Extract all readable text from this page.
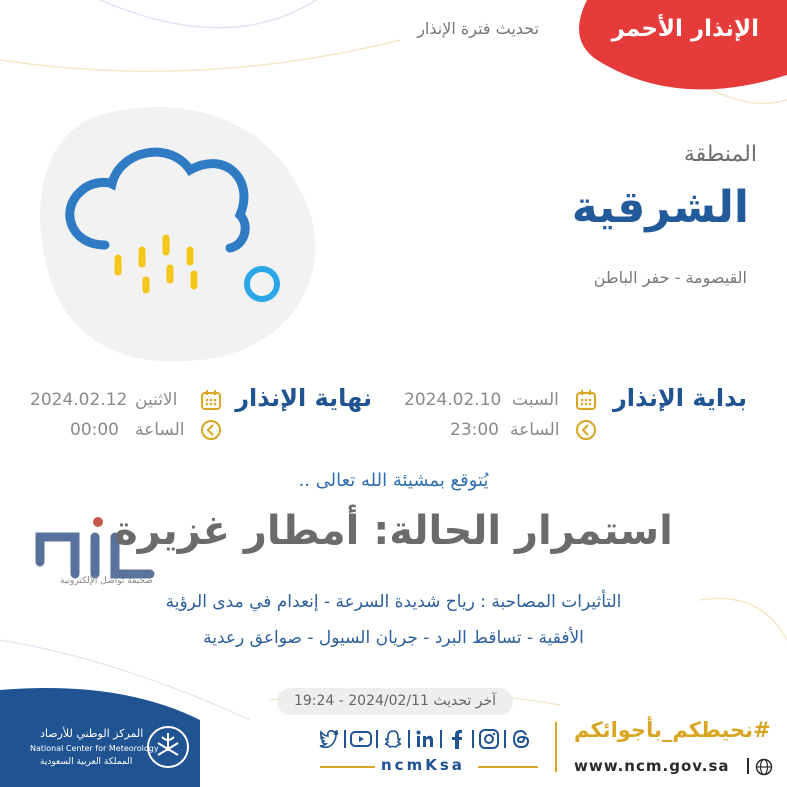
الإنذار الأحمر
تحديث فترة الإنذار
المنطقة
الشرقية
القيصومة - حفر الباطن
بداية الإنذار
السبت
2024.02.10
الساعة
23:00
نهاية الإنذار
الاثنين
2024.02.12
الساعة
00:00
يُتوقع بمشيئة الله تعالى ..
صحيفة تواصل الإلكترونية
استمرار الحالة: أمطار غزيرة
التأثيرات المصاحبة : رياح شديدة السرعة - إنعدام في مدى الرؤية
الأفقية - تساقط البرد - جريان السيول - صواعق رعدية
آخر تحديث 2024/02/11 - 19:24
المركز الوطني للأرصاد
National Center for Meteorology
المملكة العربية السعودية	ncmKsa
#نحيطكم_بأجوائكم
www.ncm.gov.sa
